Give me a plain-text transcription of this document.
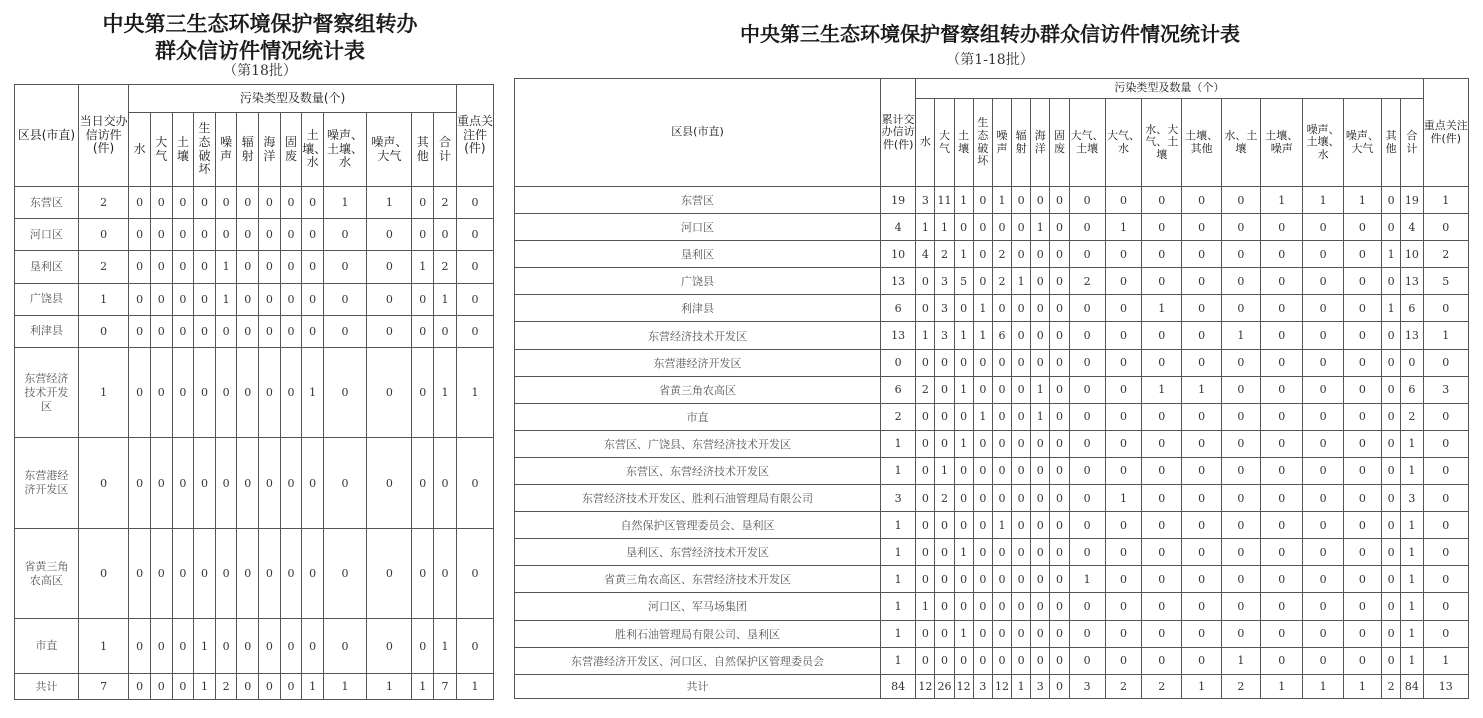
中央第三生态环境保护督察组转办
群众信访件情况统计表
（第18批）
中央第三生态环境保护督察组转办群众信访件情况统计表
（第1-18批）
区县(市直)	当日交办信访件(件)	污染类型及数量(个)													重点关注件(件)
		水	大气	土壤	生态破坏	噪声	辐射	海洋	固废	土壤、水	噪声、土壤、水	噪声、大气	其他	合计	
东营区	2	0	0	0	0	0	0	0	0	0	1	1	0	2	0
河口区	0	0	0	0	0	0	0	0	0	0	0	0	0	0	0
垦利区	2	0	0	0	0	1	0	0	0	0	0	0	1	2	0
广饶县	1	0	0	0	0	1	0	0	0	0	0	0	0	1	0
利津县	0	0	0	0	0	0	0	0	0	0	0	0	0	0	0
东营经济技术开发区	1	0	0	0	0	0	0	0	0	1	0	0	0	1	1
东营港经济开发区	0	0	0	0	0	0	0	0	0	0	0	0	0	0	0
省黄三角农高区	0	0	0	0	0	0	0	0	0	0	0	0	0	0	0
市直	1	0	0	0	1	0	0	0	0	0	0	0	0	1	0
共计	7	0	0	0	1	2	0	0	0	1	1	1	1	7	1
区县(市直)	累计交办信访件(件)	污染类型及数量（个）																		重点关注件(件)
		水	大气	土壤	生态破坏	噪声	辐射	海洋	固废	大气、土壤	大气、水	水、大气、土壤	土壤、其他	水、土壤	土壤、噪声	噪声、土壤、水	噪声、大气	其他	合计	
东营区	19	3	11	1	0	1	0	0	0	0	0	0	0	0	1	1	1	0	19	1
河口区	4	1	1	0	0	0	0	1	0	0	1	0	0	0	0	0	0	0	4	0
垦利区	10	4	2	1	0	2	0	0	0	0	0	0	0	0	0	0	0	1	10	2
广饶县	13	0	3	5	0	2	1	0	0	2	0	0	0	0	0	0	0	0	13	5
利津县	6	0	3	0	1	0	0	0	0	0	0	1	0	0	0	0	0	1	6	0
东营经济技术开发区	13	1	3	1	1	6	0	0	0	0	0	0	0	1	0	0	0	0	13	1
东营港经济开发区	0	0	0	0	0	0	0	0	0	0	0	0	0	0	0	0	0	0	0	0
省黄三角农高区	6	2	0	1	0	0	0	1	0	0	0	1	1	0	0	0	0	0	6	3
市直	2	0	0	0	1	0	0	1	0	0	0	0	0	0	0	0	0	0	2	0
东营区、广饶县、东营经济技术开发区	1	0	0	1	0	0	0	0	0	0	0	0	0	0	0	0	0	0	1	0
东营区、东营经济技术开发区	1	0	1	0	0	0	0	0	0	0	0	0	0	0	0	0	0	0	1	0
东营经济技术开发区、胜利石油管理局有限公司	3	0	2	0	0	0	0	0	0	0	1	0	0	0	0	0	0	0	3	0
自然保护区管理委员会、垦利区	1	0	0	0	0	1	0	0	0	0	0	0	0	0	0	0	0	0	1	0
垦利区、东营经济技术开发区	1	0	0	1	0	0	0	0	0	0	0	0	0	0	0	0	0	0	1	0
省黄三角农高区、东营经济技术开发区	1	0	0	0	0	0	0	0	0	1	0	0	0	0	0	0	0	0	1	0
河口区、军马场集团	1	1	0	0	0	0	0	0	0	0	0	0	0	0	0	0	0	0	1	0
胜利石油管理局有限公司、垦利区	1	0	0	1	0	0	0	0	0	0	0	0	0	0	0	0	0	0	1	0
东营港经济开发区、河口区、自然保护区管理委员会	1	0	0	0	0	0	0	0	0	0	0	0	0	1	0	0	0	0	1	1
共计	84	12	26	12	3	12	1	3	0	3	2	2	1	2	1	1	1	2	84	13
